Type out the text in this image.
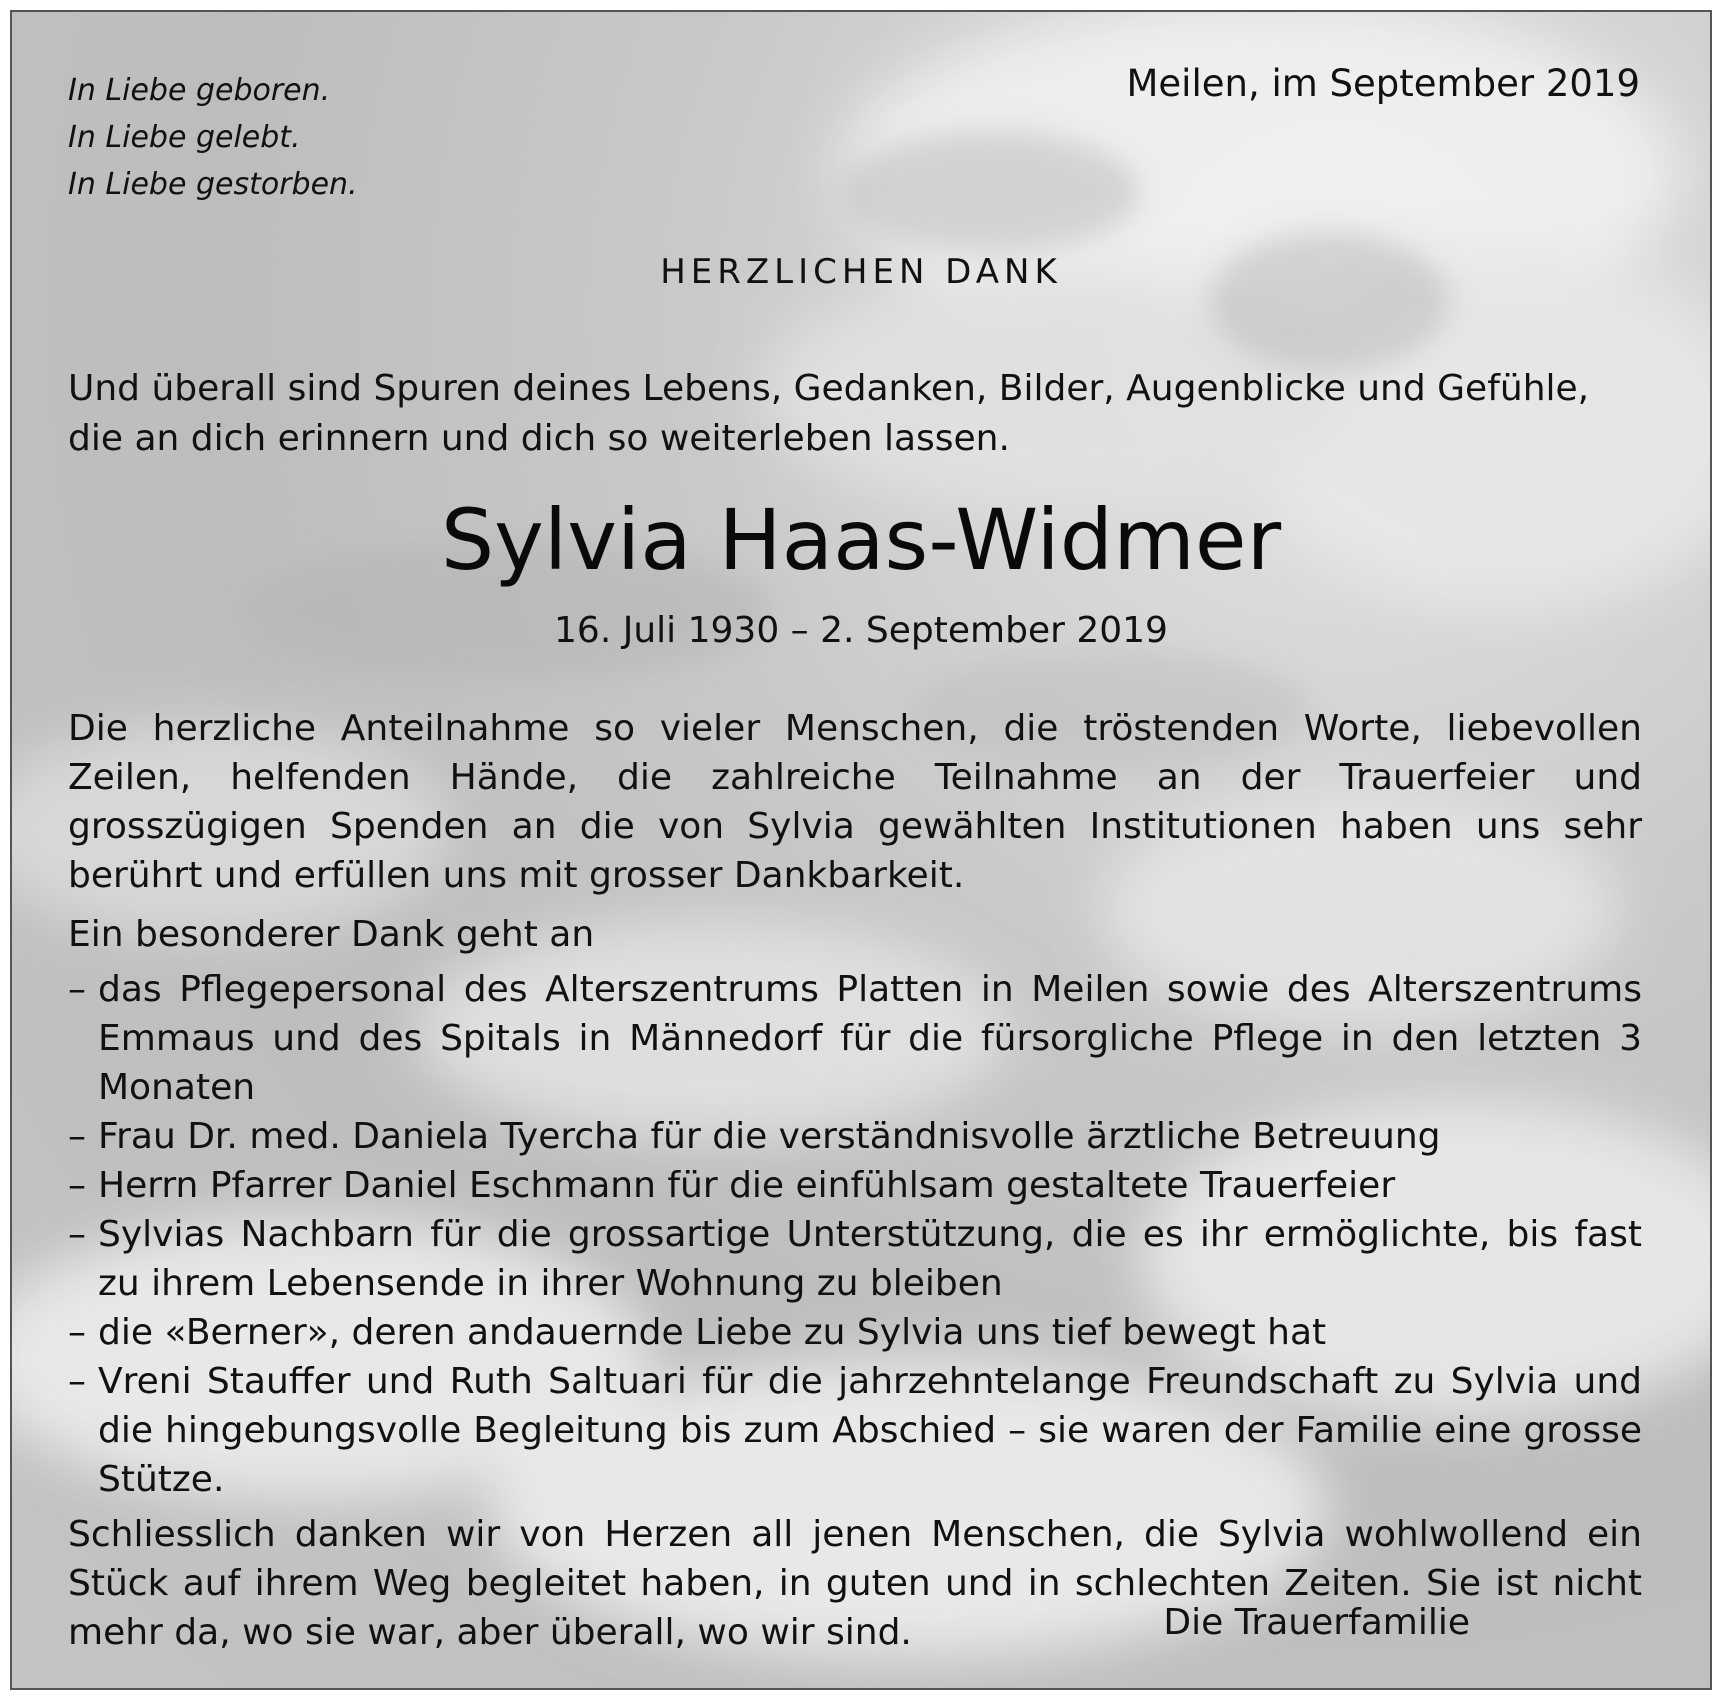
In Liebe geboren.
In Liebe gelebt.
In Liebe gestorben.
Meilen, im September 2019
HERZLICHEN DANK
Und überall sind Spuren deines Lebens, Gedanken, Bilder, Augenblicke und Gefühle, die an dich erinnern und dich so weiterleben lassen.
Sylvia Haas-Widmer
16. Juli 1930 – 2. September 2019

Die herzliche Anteilnahme so vieler Menschen, die tröstenden Worte, liebevollen Zeilen, helfenden Hände, die zahlreiche Teilnahme an der Trauerfeier und grosszügigen Spenden an die von Sylvia gewählten Institutionen haben uns sehr berührt und erfüllen uns mit grosser Dankbarkeit.

Ein besonderer Dank geht an

– das Pflegepersonal des Alterszentrums Platten in Meilen sowie des Alterszentrums Emmaus und des Spitals in Männedorf für die fürsorgliche Pflege in den letzten 3 Monaten
– Frau Dr. med. Daniela Tyercha für die verständnisvolle ärztliche Betreuung
– Herrn Pfarrer Daniel Eschmann für die einfühlsam gestaltete Trauerfeier
– Sylvias Nachbarn für die grossartige Unterstützung, die es ihr ermöglichte, bis fast zu ihrem Lebensende in ihrer Wohnung zu bleiben
– die «Berner», deren andauernde Liebe zu Sylvia uns tief bewegt hat
– Vreni Stauffer und Ruth Saltuari für die jahrzehntelange Freundschaft zu Sylvia und die hingebungsvolle Begleitung bis zum Abschied – sie waren der Familie eine grosse Stütze.

Schliesslich danken wir von Herzen all jenen Menschen, die Sylvia wohlwollend ein Stück auf ihrem Weg begleitet haben, in guten und in schlechten Zeiten. Sie ist nicht mehr da, wo sie war, aber überall, wo wir sind.	Die Trauerfamilie
